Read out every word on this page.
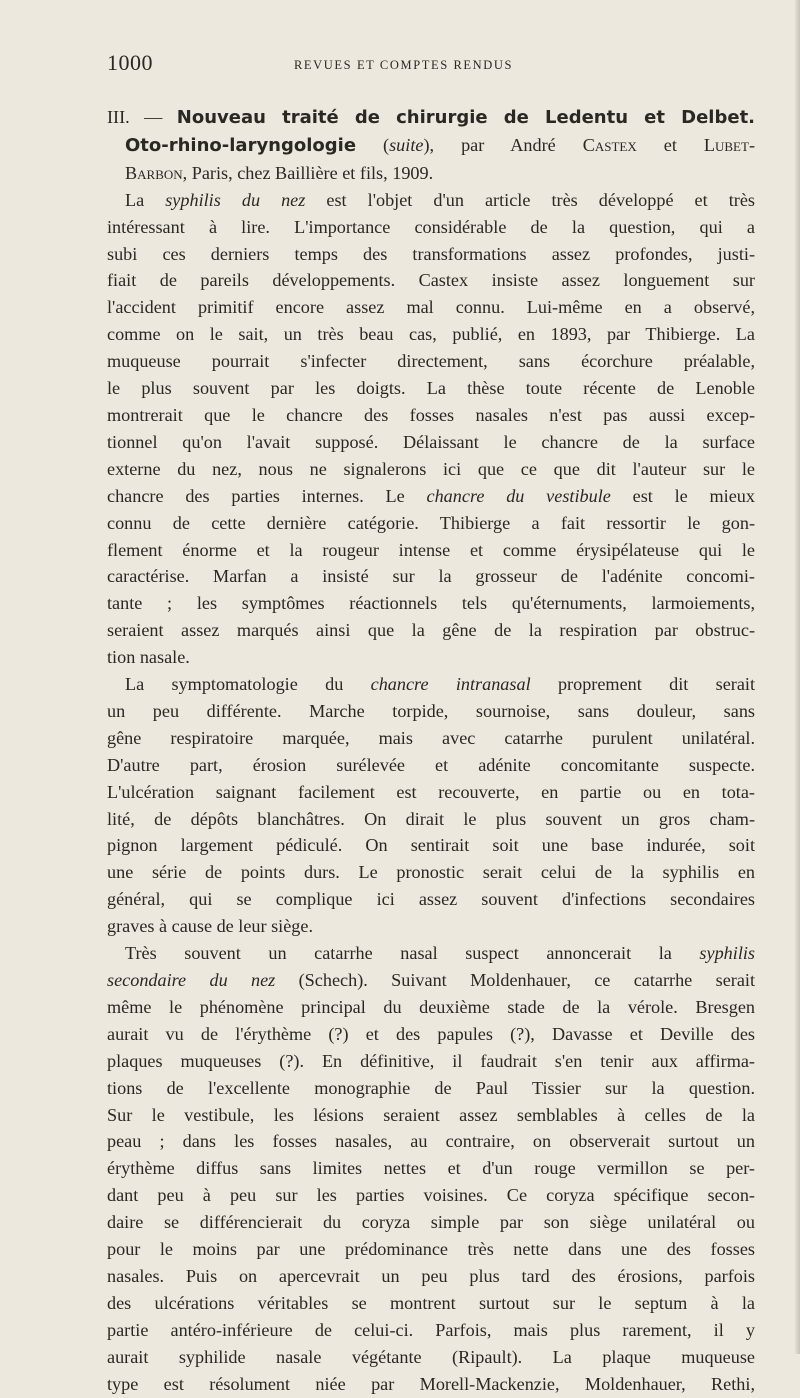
1000	REVUES ET COMPTES RENDUS
III. — Nouveau traité de chirurgie de Ledentu et Delbet.
Oto-rhino-laryngologie (suite), par André Castex et Lubet-
Barbon, Paris, chez Baillière et fils, 1909.
La syphilis du nez est l'objet d'un article très développé et très
intéressant à lire. L'importance considérable de la question, qui a
subi ces derniers temps des transformations assez profondes, justi-
fiait de pareils développements. Castex insiste assez longuement sur
l'accident primitif encore assez mal connu. Lui-même en a observé,
comme on le sait, un très beau cas, publié, en 1893, par Thibierge. La
muqueuse pourrait s'infecter directement, sans écorchure préalable,
le plus souvent par les doigts. La thèse toute récente de Lenoble
montrerait que le chancre des fosses nasales n'est pas aussi excep-
tionnel qu'on l'avait supposé. Délaissant le chancre de la surface
externe du nez, nous ne signalerons ici que ce que dit l'auteur sur le
chancre des parties internes. Le chancre du vestibule est le mieux
connu de cette dernière catégorie. Thibierge a fait ressortir le gon-
flement énorme et la rougeur intense et comme érysipélateuse qui le
caractérise. Marfan a insisté sur la grosseur de l'adénite concomi-
tante ; les symptômes réactionnels tels qu'éternuments, larmoiements,
seraient assez marqués ainsi que la gêne de la respiration par obstruc-
tion nasale.
La symptomatologie du chancre intranasal proprement dit serait
un peu différente. Marche torpide, sournoise, sans douleur, sans
gêne respiratoire marquée, mais avec catarrhe purulent unilatéral.
D'autre part, érosion surélevée et adénite concomitante suspecte.
L'ulcération saignant facilement est recouverte, en partie ou en tota-
lité, de dépôts blanchâtres. On dirait le plus souvent un gros cham-
pignon largement pédiculé. On sentirait soit une base indurée, soit
une série de points durs. Le pronostic serait celui de la syphilis en
général, qui se complique ici assez souvent d'infections secondaires
graves à cause de leur siège.
Très souvent un catarrhe nasal suspect annoncerait la syphilis
secondaire du nez (Schech). Suivant Moldenhauer, ce catarrhe serait
même le phénomène principal du deuxième stade de la vérole. Bresgen
aurait vu de l'érythème (?) et des papules (?), Davasse et Deville des
plaques muqueuses (?). En définitive, il faudrait s'en tenir aux affirma-
tions de l'excellente monographie de Paul Tissier sur la question.
Sur le vestibule, les lésions seraient assez semblables à celles de la
peau ; dans les fosses nasales, au contraire, on observerait surtout un
érythème diffus sans limites nettes et d'un rouge vermillon se per-
dant peu à peu sur les parties voisines. Ce coryza spécifique secon-
daire se différencierait du coryza simple par son siège unilatéral ou
pour le moins par une prédominance très nette dans une des fosses
nasales. Puis on apercevrait un peu plus tard des érosions, parfois
des ulcérations véritables se montrent surtout sur le septum à la
partie antéro-inférieure de celui-ci. Parfois, mais plus rarement, il y
aurait syphilide nasale végétante (Ripault). La plaque muqueuse
type est résolument niée par Morell-Mackenzie, Moldenhauer, Rethi,
